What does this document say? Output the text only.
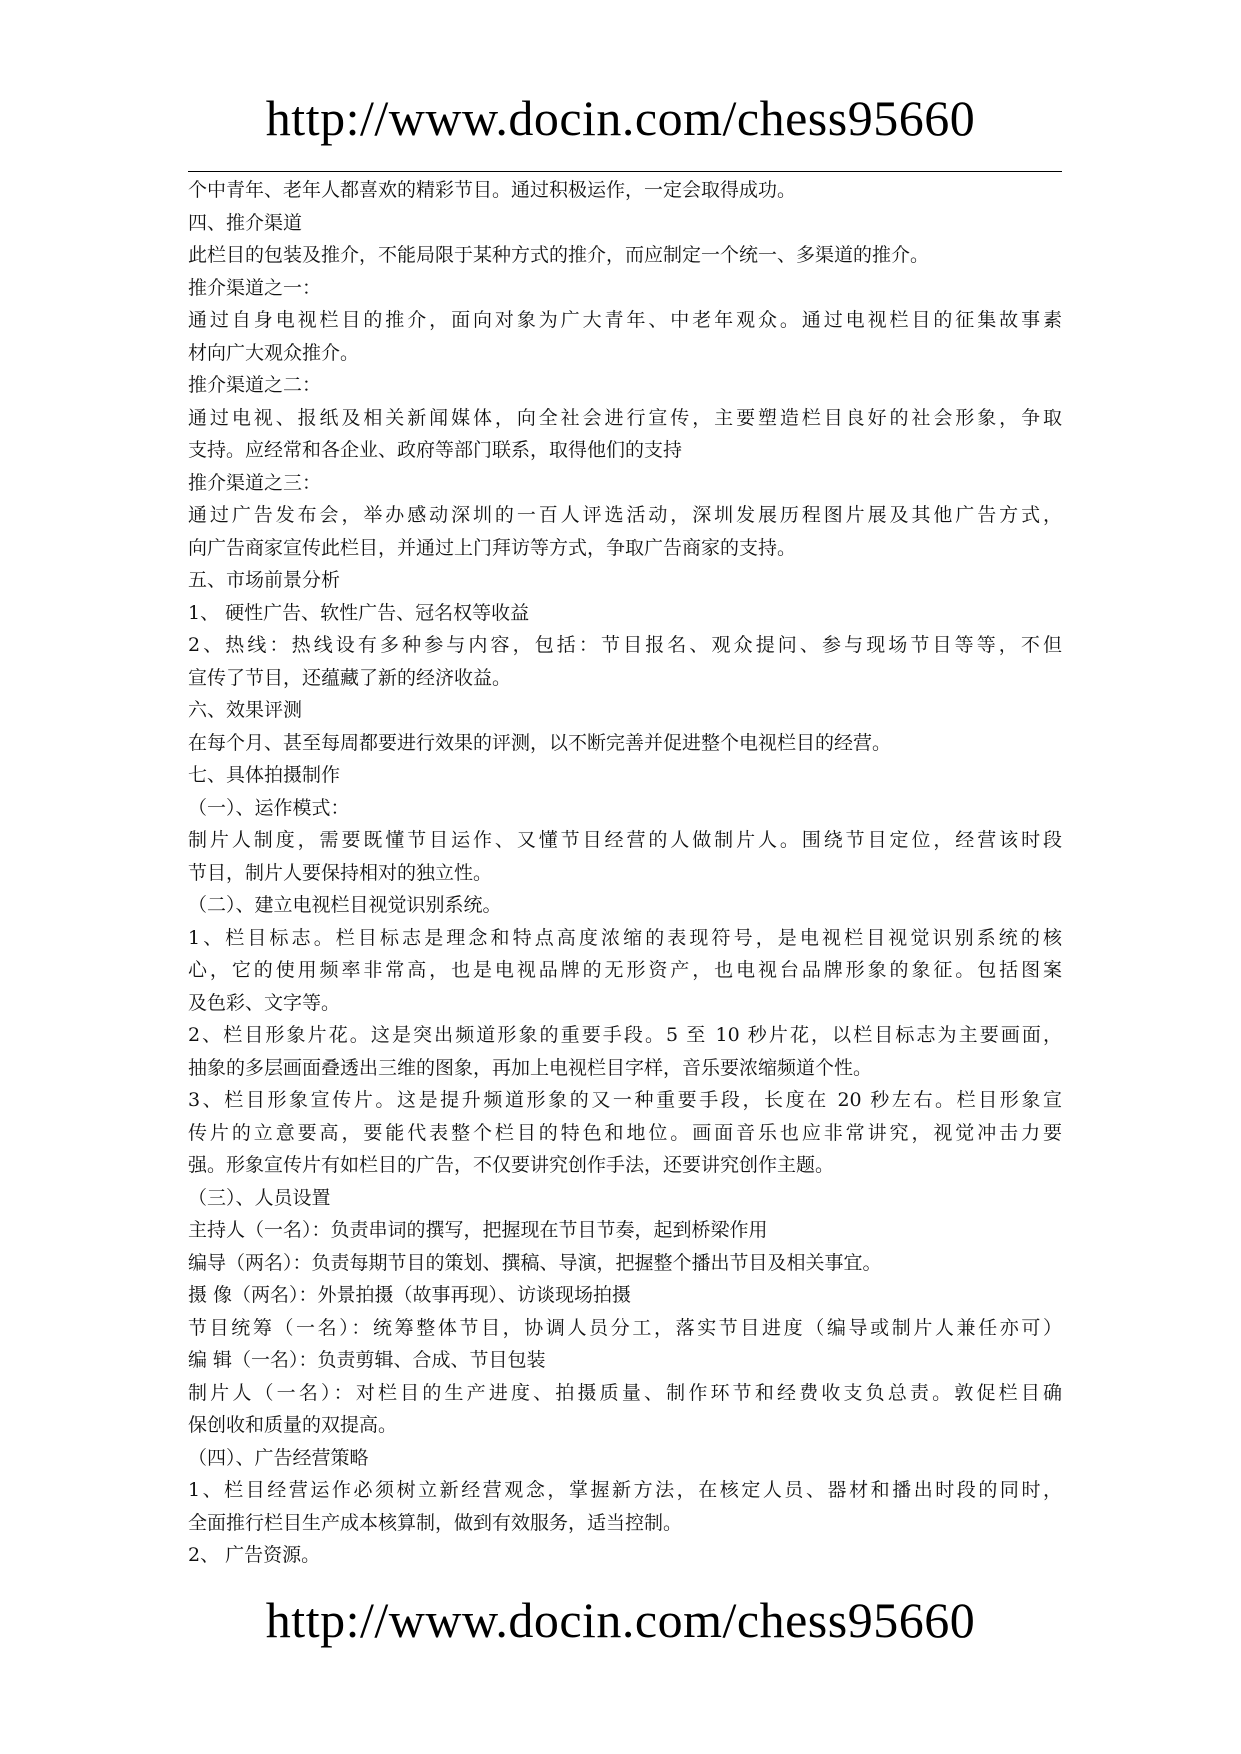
http://www.docin.com/chess95660
个中青年、老年人都喜欢的精彩节目。通过积极运作，一定会取得成功。
四、推介渠道
此栏目的包装及推介，不能局限于某种方式的推介，而应制定一个统一、多渠道的推介。
推介渠道之一：
通过自身电视栏目的推介，面向对象为广大青年、中老年观众。通过电视栏目的征集故事素
材向广大观众推介。
推介渠道之二：
通过电视、报纸及相关新闻媒体，向全社会进行宣传，主要塑造栏目良好的社会形象，争取
支持。应经常和各企业、政府等部门联系，取得他们的支持
推介渠道之三：
通过广告发布会，举办感动深圳的一百人评选活动，深圳发展历程图片展及其他广告方式，
向广告商家宣传此栏目，并通过上门拜访等方式，争取广告商家的支持。
五、市场前景分析
1、 硬性广告、软性广告、冠名权等收益
2、热线：热线设有多种参与内容，包括：节目报名、观众提问、参与现场节目等等，不但
宣传了节目，还蕴藏了新的经济收益。
六、效果评测
在每个月、甚至每周都要进行效果的评测，以不断完善并促进整个电视栏目的经营。
七、具体拍摄制作
（一）、运作模式：
制片人制度，需要既懂节目运作、又懂节目经营的人做制片人。围绕节目定位，经营该时段
节目，制片人要保持相对的独立性。
（二）、建立电视栏目视觉识别系统。
1、栏目标志。栏目标志是理念和特点高度浓缩的表现符号，是电视栏目视觉识别系统的核
心，它的使用频率非常高，也是电视品牌的无形资产，也电视台品牌形象的象征。包括图案
及色彩、文字等。
2、栏目形象片花。这是突出频道形象的重要手段。5 至 10 秒片花，以栏目标志为主要画面，
抽象的多层画面叠透出三维的图象，再加上电视栏目字样，音乐要浓缩频道个性。
3、栏目形象宣传片。这是提升频道形象的又一种重要手段，长度在 20 秒左右。栏目形象宣
传片的立意要高，要能代表整个栏目的特色和地位。画面音乐也应非常讲究，视觉冲击力要
强。形象宣传片有如栏目的广告，不仅要讲究创作手法，还要讲究创作主题。
（三）、人员设置
主持人（一名）：负责串词的撰写，把握现在节目节奏，起到桥梁作用
编导（两名）：负责每期节目的策划、撰稿、导演，把握整个播出节目及相关事宜。
摄 像（两名）：外景拍摄（故事再现）、访谈现场拍摄
节目统筹（一名）：统筹整体节目，协调人员分工，落实节目进度（编导或制片人兼任亦可）
编 辑（一名）：负责剪辑、合成、节目包装
制片人（一名）：对栏目的生产进度、拍摄质量、制作环节和经费收支负总责。敦促栏目确
保创收和质量的双提高。
（四）、广告经营策略
1、栏目经营运作必须树立新经营观念，掌握新方法，在核定人员、器材和播出时段的同时，
全面推行栏目生产成本核算制，做到有效服务，适当控制。
2、 广告资源。
http://www.docin.com/chess95660
